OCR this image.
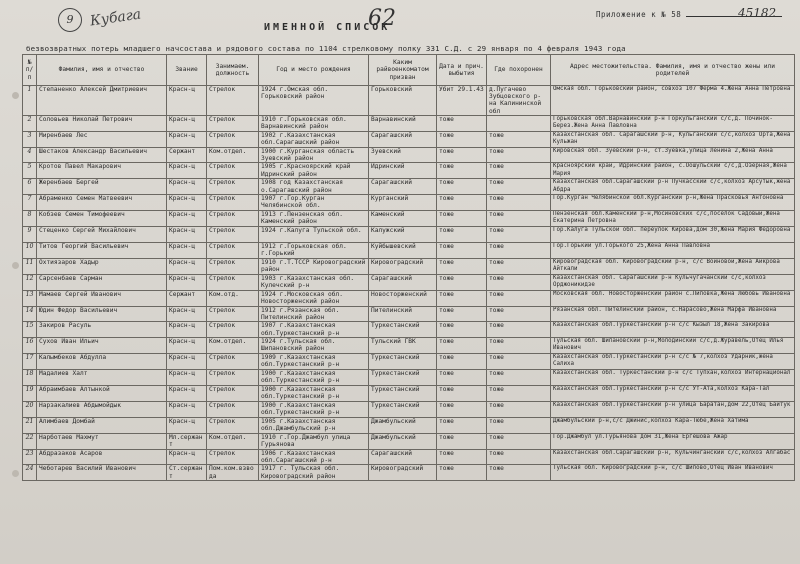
9	Кубага	62	Приложение к № 58	45182
ИМЕННОЙ СПИСОК
безвозвратных потерь младшего начсостава и рядового состава по 1104 стрелковому полку 331 С.Д. с 29 января по 4 февраля 1943 года
№ п/п	Фамилия, имя и отчество	Звание	Занимаем. должность	Год и место рождения	Каким райвоенкоматом призван	Дата и прич. выбытия	Где похоронен	Адрес местожительства. Фамилия, имя и отчество жены или родителей
1	Степаненко Алексей Дмитриевич	Красн-ц	Стрелок	1924 г.Омская обл. Горьковский район	Горьковский	Убит 29.1.43	д.Пугачево Зубцовского р-на Калининской обл	Омская обл. Горьковский район, совхоз 107 Ферма 4.Жена Анна Петровна
2	Соловьев Николай Петрович	Красн-ц	Стрелок	1910 г.Горьковская обл. Варнавинский район	Варнавинский	тоже		Горьковская обл.Варнавинский р-н Горкульганский с/с,д. Починок-Берез.Жена Анна Павловна
3	Миренбаев Лес	Красн-ц	Стрелок	1902 г.Казахстанская обл.Сарагашский район	Сарагашский	тоже	тоже	Казахстанская обл. Сарагашский р-н, Кульганский с/с,колхоз Орта,Жена Кульжан
4	Шестаков Александр Васильевич	Сержант	Ком.отдел.	1900 г.Курганская область Зуевский район	Зуевский	тоже	тоже	Кировская обл. Зуевский р-н, ст.Зуевка,улица Ленина 2,Жена Анна
5	Кротов Павел Макарович	Красн-ц	Стрелок	1905 г.Красноярский край Идринский район	Идринский	тоже	тоже	Красноярский край, Идринский район, с.Оошульский с/с,д.Озерная,Жена Мария
6	Жеренбаев Бергей	Красн-ц	Стрелок	1908 год Казахстанская о.Сарагашский район	Сарагашский	тоже	тоже	Казахстанская обл.Сарагашский р-н Пучкасский с/с,колхоз Арсутык,жена Абдра
7	Абраменко Семен Матвеевич	Красн-ц	Стрелок	1907 г.Гор.Курган Челябинской обл.	Курганский	тоже	тоже	Гор.Курган Челябинской обл.Курганский р-н,Жена Прасковья Антоновна
8	Кобзев Семен Тимофеевич	Красн-ц	Стрелок	1913 г.Пензенская обл. Каменский район	Каменский	тоже	тоже	Пензенская обл.Каменский р-н,Мосиновских с/с,поселок Садовый,Жена Екатерина Петровна
9	Стеценко Сергей Михайлович	Красн-ц	Стрелок	1924 г.Калуга Тульской обл.	Калужский	тоже	тоже	Гор.Калуга Тульской обл. переулок Кирова,дом 30,Жена Мария Федоровна
10	Титов Георгий Васильевич	Красн-ц	Стрелок	1912 г.Горьковская обл. г.Горький	Куйбышевский	тоже	тоже	Гор.Горький ул.Горького 25,Жена Анна Павловна
11	Охтиязаров Хадыр	Красн-ц	Стрелок	1910 г.Т.ТССР Кировоградский район	Кировоградский	тоже	тоже	Кировоградская обл. Кировоградский р-н, с/с Войновой,Жена Айкрова Айткали
12	Сарсенбаев Сарман	Красн-ц	Стрелок	1903 г.Казахстанская обл. Кулечский р-н	Сарагашский	тоже	тоже	Казахстанская обл. Сарагашский р-н Кульчугачанский с/с,колхоз Орджоникидзе
13	Мамаев Сергей Иванович	Сержант	Ком.отд.	1924 г.Московская обл. Новосторженский район	Новосторженский	тоже	тоже	Московская обл. Новосторженский район с.Липовка,Жена Любовь Ивановна
14	Юдин Федор Васильевич	Красн-ц	Стрелок	1912 г.Рязанская обл. Пителинский район	Пителинский	тоже	тоже	Рязанская обл. Пителинский район, с.Нарасово,Жена Марфа Ивановна
15	Закиров Расуль	Красн-ц	Стрелок	1907 г.Казахстанская обл.Туркестанский р-н	Туркестанский	тоже	тоже	Казахстанская обл.Туркестанский р-н с/с Кызыл 18,Жена Закирова
16	Сухов Иван Ильич	Красн-ц	Ком.отдел.	1924 г.Тульская обл. Шипановский район	Тульский ГВК	тоже	тоже	Тульская обл. Шипановский р-н,Молодинский с/с,д.Журавель,Отец Илья Иванович
17	Калымбеков Абдулла	Красн-ц	Стрелок	1909 г.Казахстанская обл.Туркестанский р-н	Туркестанский	тоже	тоже	Казахстанская обл.Туркестанский р-н с/с № 7,колхоз Ударник,жена Салиха
18	Мадалиев Халт	Красн-ц	Стрелок	1900 г.Казахстанская обл.Туркестанский р-н	Туркестанский	тоже	тоже	Казахстанская обл. Туркестанский р-н с/с Тупхан,колхоз Интернационал
19	Абраимбаев Алтынкой	Красн-ц	Стрелок	1900 г.Казахстанская обл.Туркестанский р-н	Туркестанский	тоже	тоже	Казахстанская обл.Туркестанский р-н с/с Ут-Ата,колхоз Кара-Тал
20	Нарзакалиев Абдымойдык	Красн-ц	Стрелок	1900 г.Казахстанская обл.Туркестанский р-н	Туркестанский	тоже	тоже	Казахстанская обл.Туркестанский р-н улица Баратан,дом 22,Отец Байтук
21	Алимбаев Домбай	Красн-ц	Стрелок	1905 г.Казахстанская обл.Джамбульский р-н	Джамбульский	тоже	тоже	Джамбульский р-н,с/с Джинис,колхоз Кара-Тюбе,Жена Хатима
22	Нарботаев Махмут	Мл.сержант	Ком.отдел.	1910 г.Гор.Джамбул улица Гурьянова	Джамбульский	тоже	тоже	Гор.Джамбул ул.Гурьянова дом 31,Жена Ергешова Ажар
23	Абдразаков Асаров	Красн-ц	Стрелок	1906 г.Казахстанская обл.Сарагашский р-н	Сарагашский	тоже	тоже	Казахстанская обл.Сарагашский р-н, Кульчинганский с/с,колхоз Алгабас
24	Чеботарев Василий Иванович	Ст.сержант	Пом.ком.взвода	1917 г. Тульская обл. Кировоградский район	Кировоградский	тоже	тоже	Тульская обл. Кировоградский р-н, с/с Шипово,Отец Иван Иванович
